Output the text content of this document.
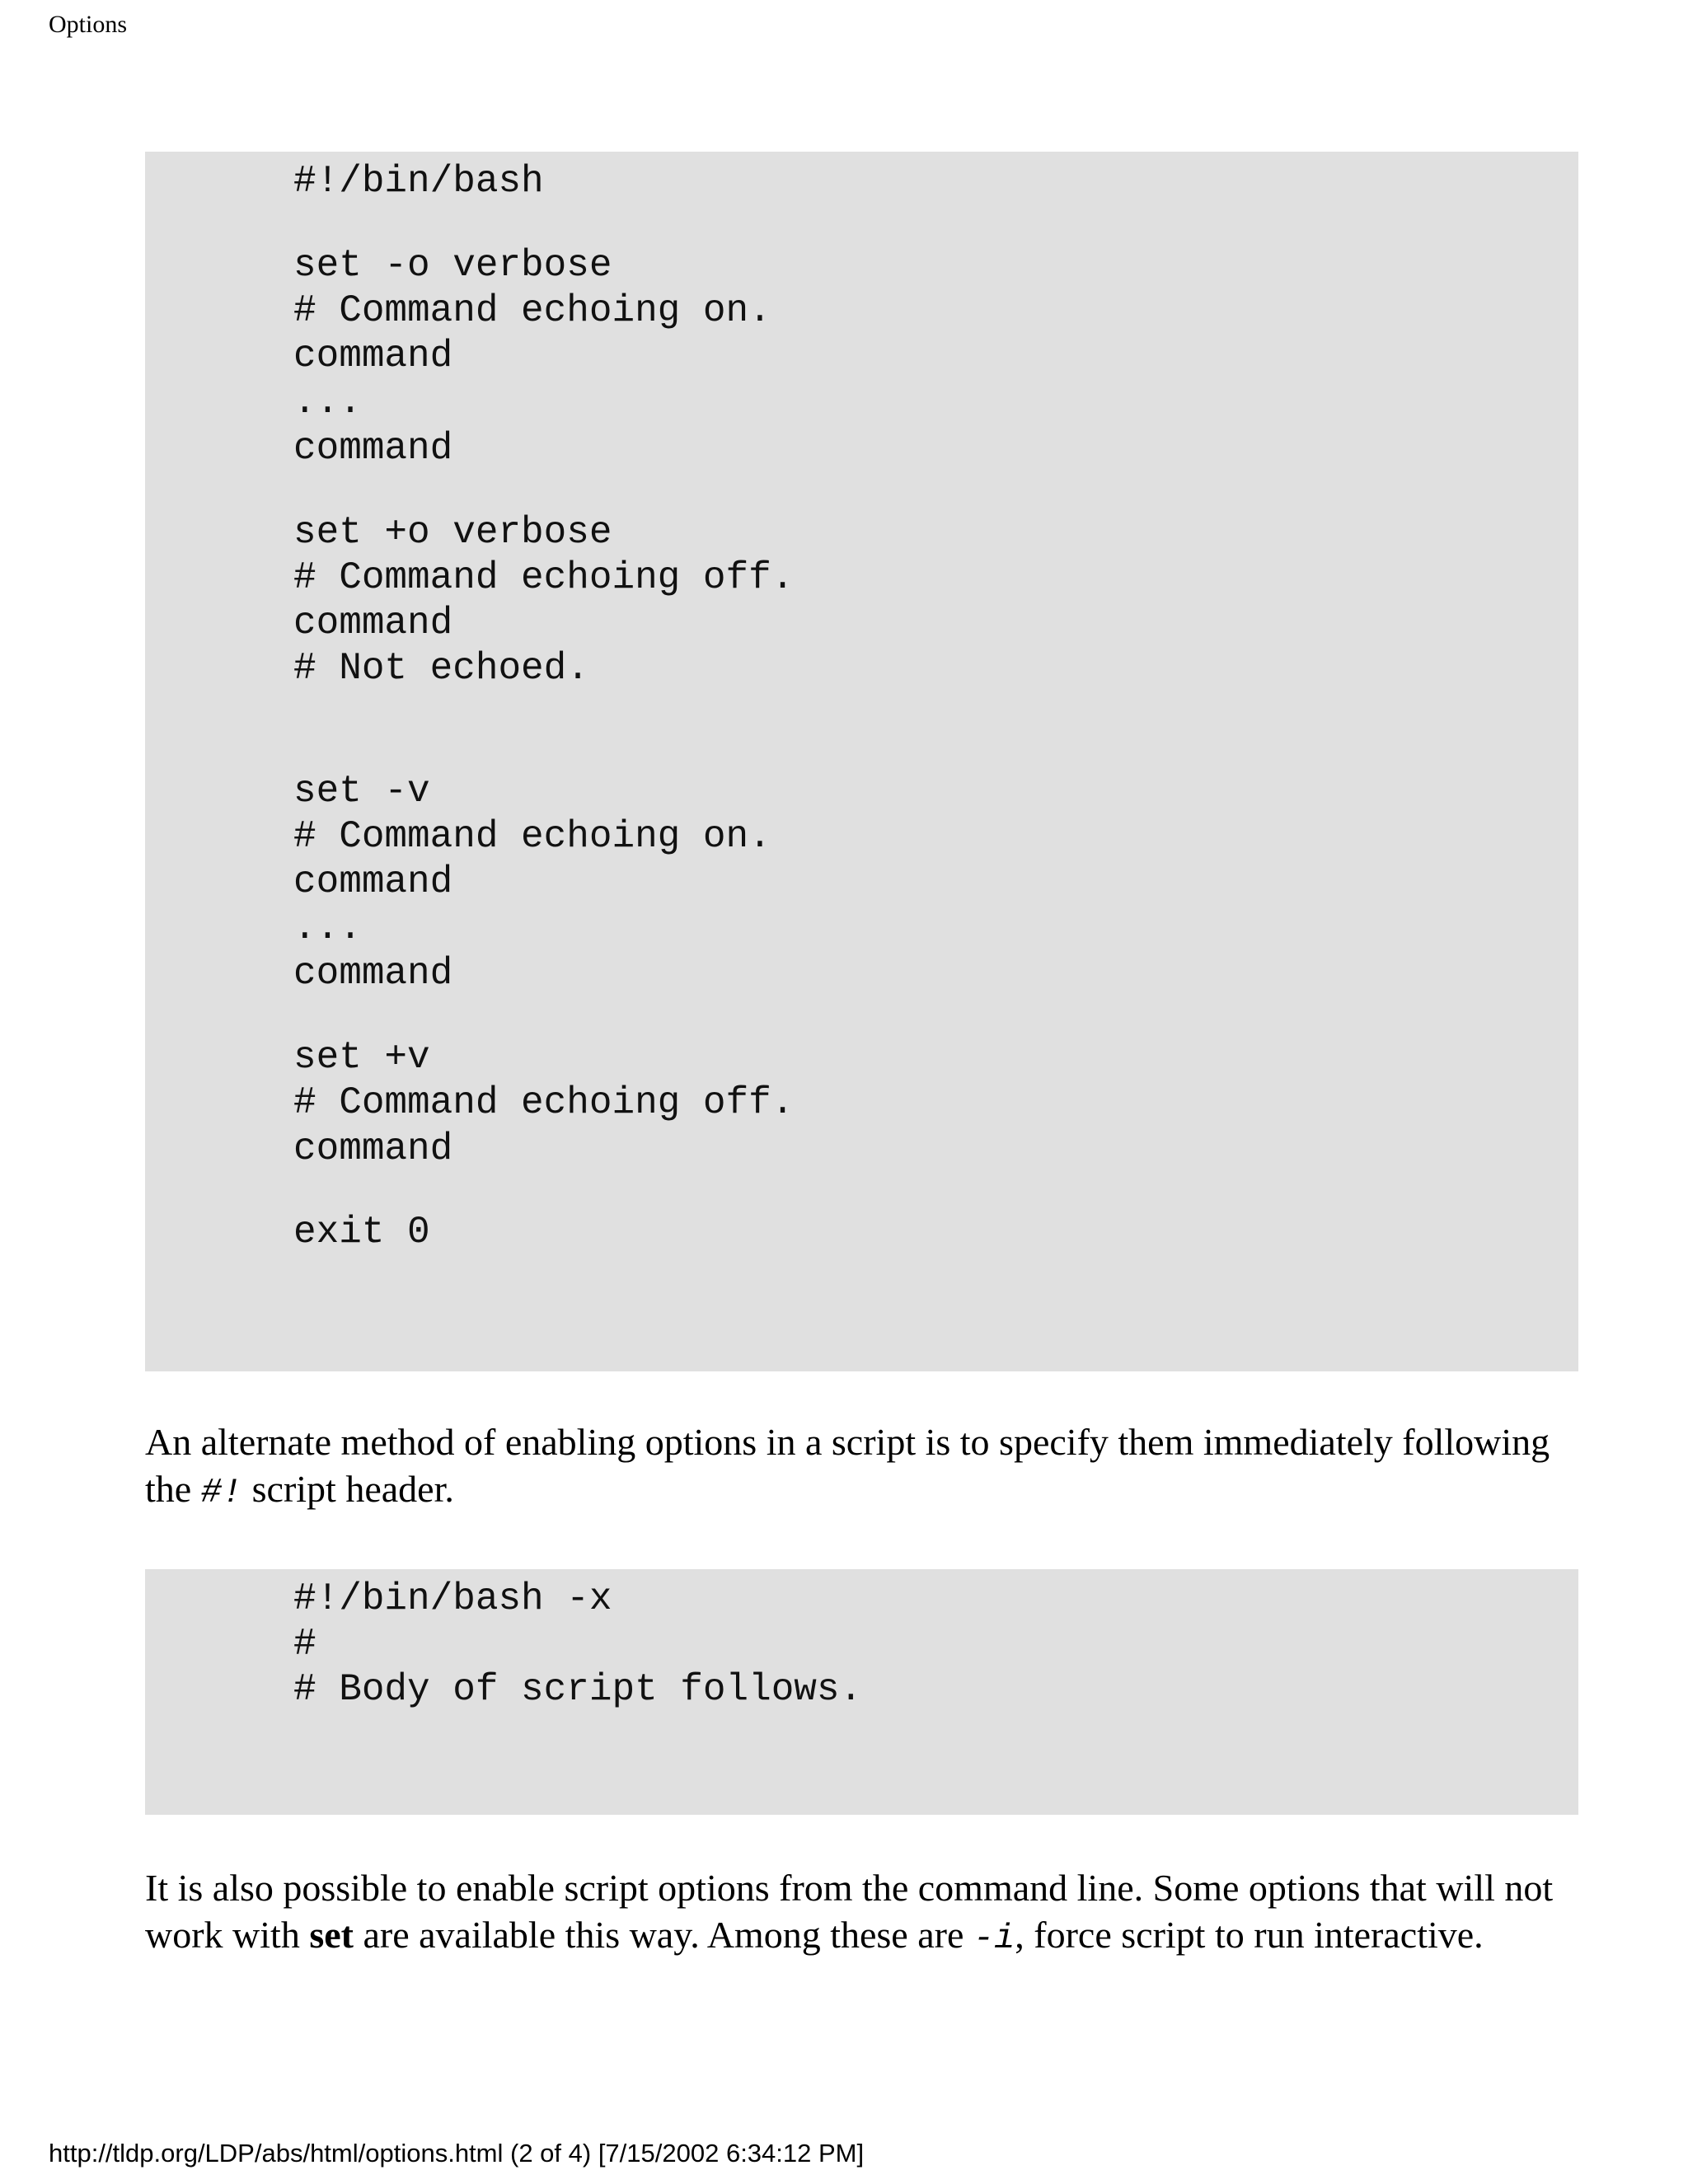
Options
#!/bin/bash
set -o verbose
# Command echoing on.
command
...
command
set +o verbose
# Command echoing off.
command
# Not echoed.
set -v
# Command echoing on.
command
...
command
set +v
# Command echoing off.
command
exit 0

An alternate method of enabling options in a script is to specify them immediately following the #! script header.

#!/bin/bash -x
#
# Body of script follows.

It is also possible to enable script options from the command line. Some options that will not work with set are available this way. Among these are -i, force script to run interactive.

http://tldp.org/LDP/abs/html/options.html (2 of 4) [7/15/2002 6:34:12 PM]
